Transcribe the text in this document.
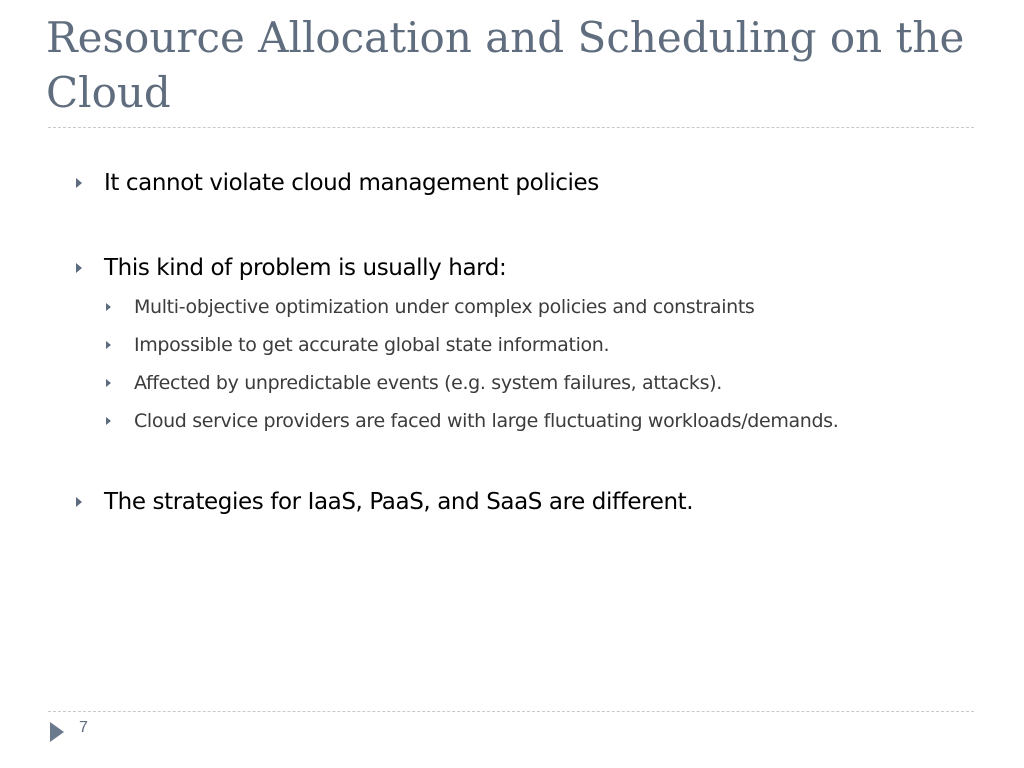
Resource Allocation and Scheduling on the Cloud
It cannot violate cloud management policies
This kind of problem is usually hard:
Multi-objective optimization under complex policies and constraints
Impossible to get accurate global state information.
Affected by unpredictable events (e.g. system failures, attacks).
Cloud service providers are faced with large fluctuating workloads/demands.
The strategies for IaaS, PaaS, and SaaS are different.
7
